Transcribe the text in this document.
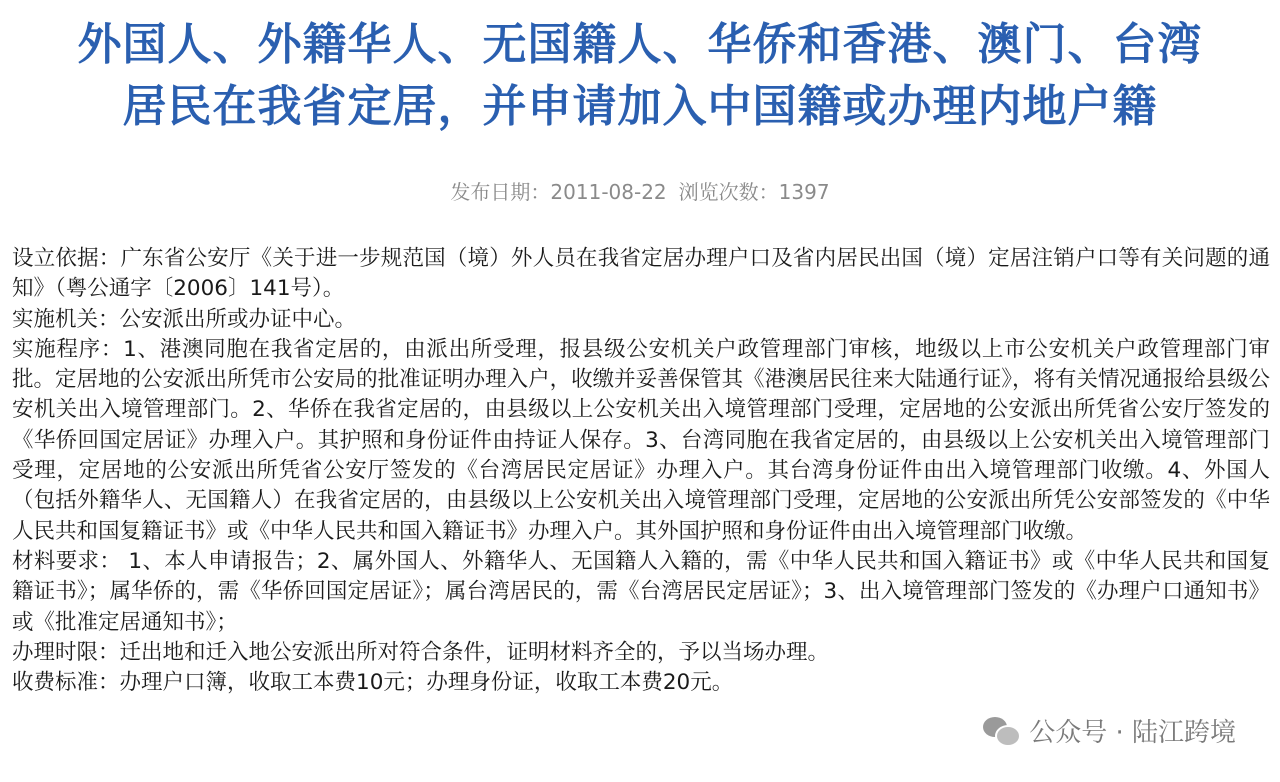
外国人、外籍华人、无国籍人、华侨和香港、澳门、台湾
居民在我省定居，并申请加入中国籍或办理内地户籍
发布日期：2011-08-22 浏览次数：1397

设立依据：广东省公安厅《关于进一步规范国（境）外人员在我省定居办理户口及省内居民出国（境）定居注销户口等有关问题的通知》（粤公通字〔2006〕141号）。

实施机关：公安派出所或办证中心。

实施程序：1、港澳同胞在我省定居的，由派出所受理，报县级公安机关户政管理部门审核，地级以上市公安机关户政管理部门审批。定居地的公安派出所凭市公安局的批准证明办理入户，收缴并妥善保管其《港澳居民往来大陆通行证》，将有关情况通报给县级公安机关出入境管理部门。2、华侨在我省定居的，由县级以上公安机关出入境管理部门受理，定居地的公安派出所凭省公安厅签发的《华侨回国定居证》办理入户。其护照和身份证件由持证人保存。3、台湾同胞在我省定居的，由县级以上公安机关出入境管理部门受理，定居地的公安派出所凭省公安厅签发的《台湾居民定居证》办理入户。其台湾身份证件由出入境管理部门收缴。4、外国人（包括外籍华人、无国籍人）在我省定居的，由县级以上公安机关出入境管理部门受理，定居地的公安派出所凭公安部签发的《中华人民共和国复籍证书》或《中华人民共和国入籍证书》办理入户。其外国护照和身份证件由出入境管理部门收缴。

材料要求： 1、本人申请报告；2、属外国人、外籍华人、无国籍人入籍的，需《中华人民共和国入籍证书》或《中华人民共和国复籍证书》；属华侨的，需《华侨回国定居证》；属台湾居民的，需《台湾居民定居证》；3、出入境管理部门签发的《办理户口通知书》或《批准定居通知书》；

办理时限：迁出地和迁入地公安派出所对符合条件，证明材料齐全的，予以当场办理。

收费标准：办理户口簿，收取工本费10元；办理身份证，收取工本费20元。

公众号 · 陆江跨境
